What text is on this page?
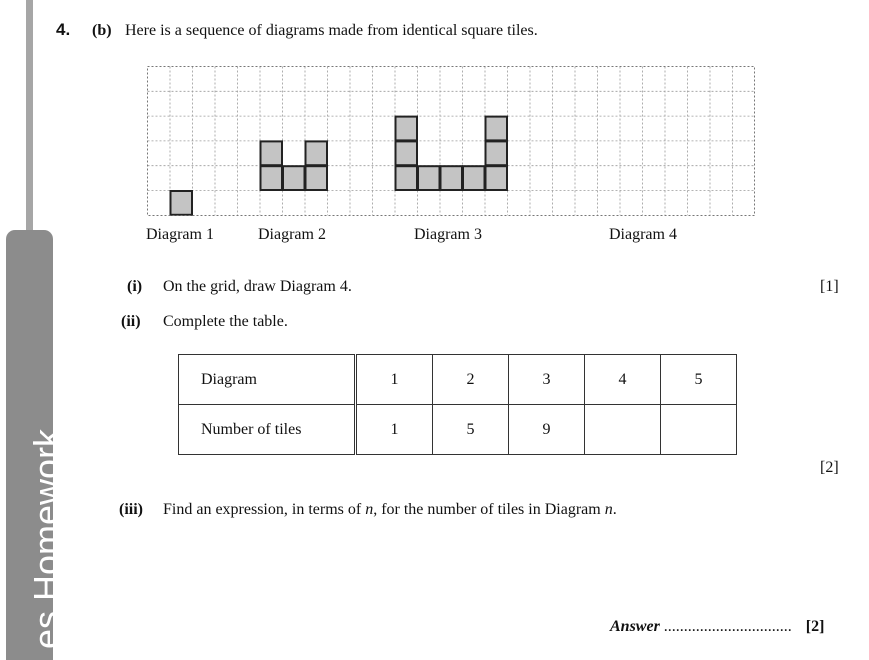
es Homework
4. (b) Here is a sequence of diagrams made from identical square tiles.
Diagram 1	Diagram 2	Diagram 3	Diagram 4
(i) On the grid, draw Diagram 4.	[1]
(ii) Complete the table.
Diagram	1	2	3	4	5
Number of tiles	1	5	9		
[2]
(iii) Find an expression, in terms of n, for the number of tiles in Diagram n.
Answer ................................ [2]
